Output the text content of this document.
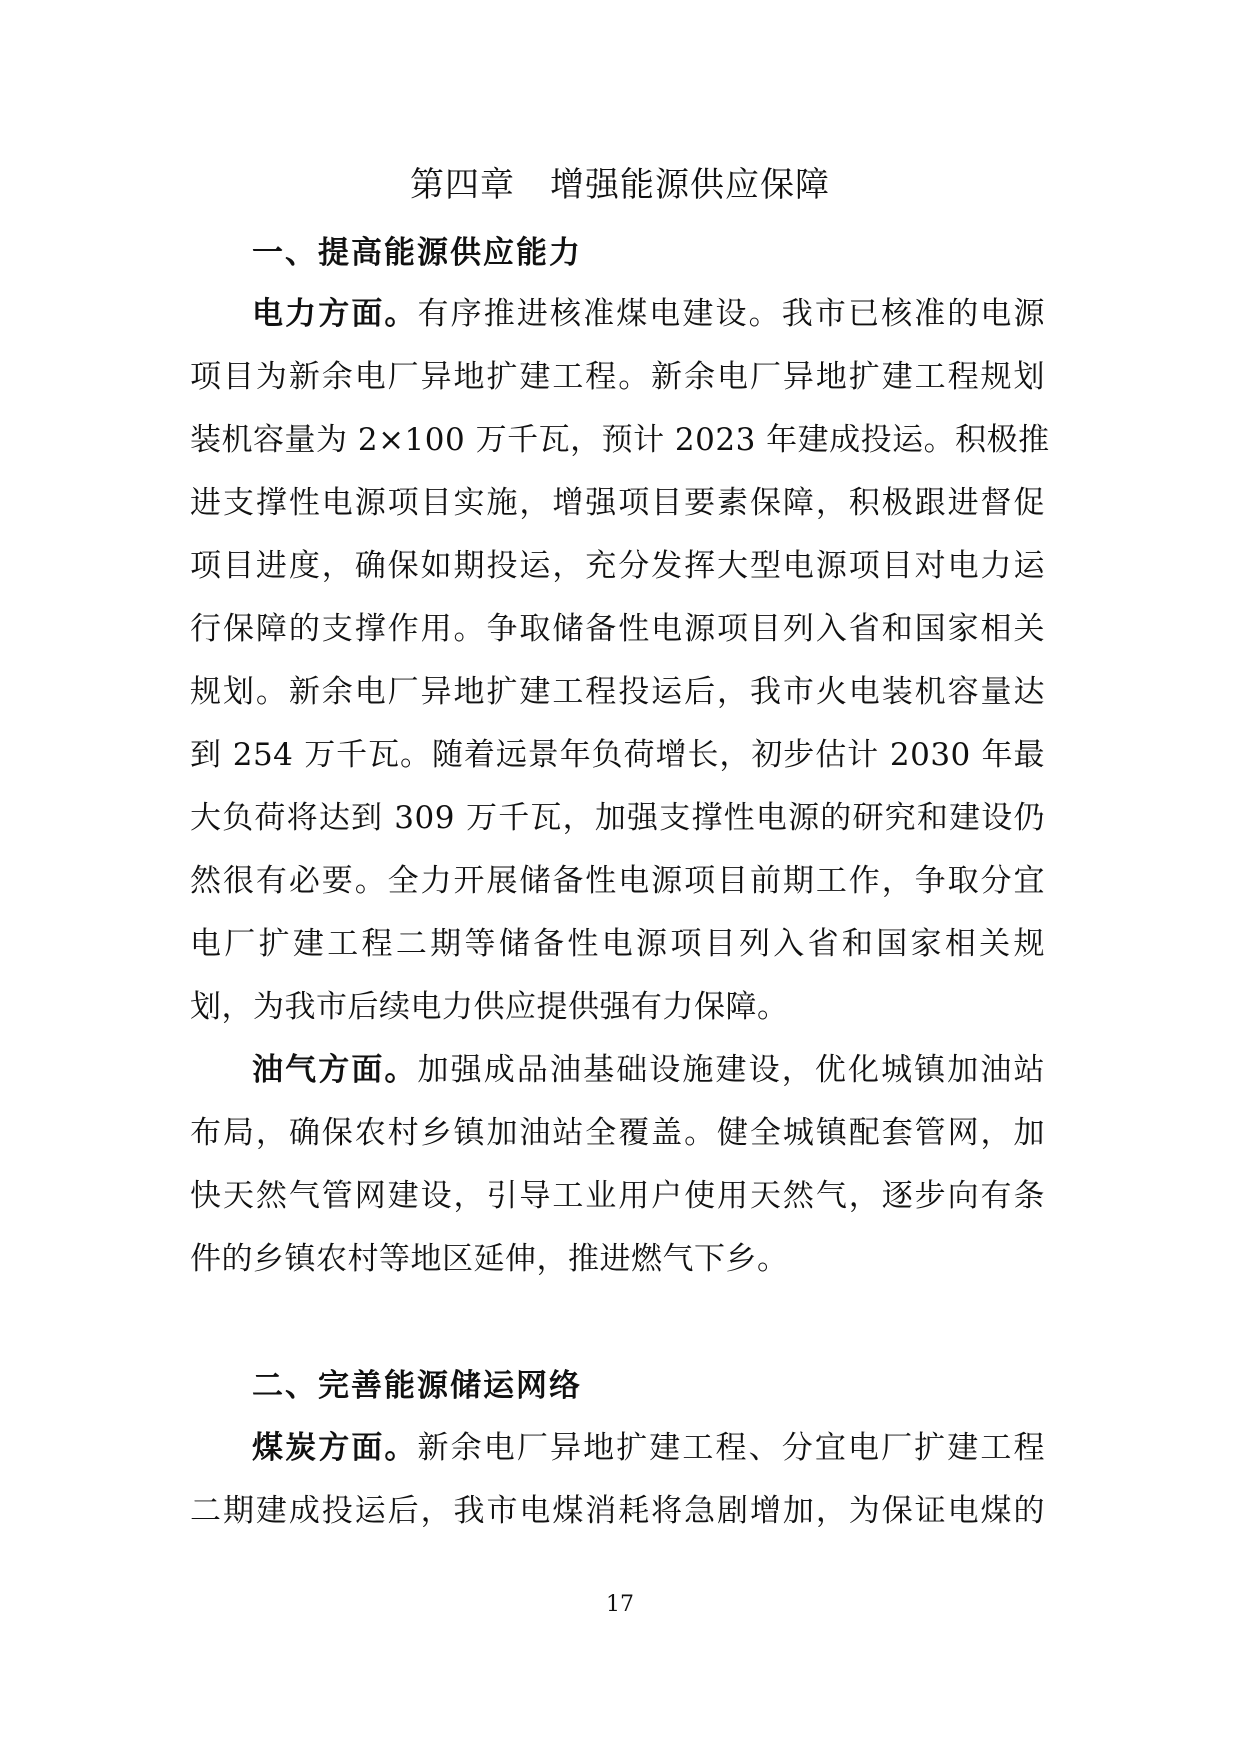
第四章　增强能源供应保障
一、提高能源供应能力
电力方面。有序推进核准煤电建设。我市已核准的电源
项目为新余电厂异地扩建工程。新余电厂异地扩建工程规划
装机容量为 2×100 万千瓦，预计 2023 年建成投运。积极推
进支撑性电源项目实施，增强项目要素保障，积极跟进督促
项目进度，确保如期投运，充分发挥大型电源项目对电力运
行保障的支撑作用。争取储备性电源项目列入省和国家相关
规划。新余电厂异地扩建工程投运后，我市火电装机容量达
到 254 万千瓦。随着远景年负荷增长，初步估计 2030 年最
大负荷将达到 309 万千瓦，加强支撑性电源的研究和建设仍
然很有必要。全力开展储备性电源项目前期工作，争取分宜
电厂扩建工程二期等储备性电源项目列入省和国家相关规
划，为我市后续电力供应提供强有力保障。
油气方面。加强成品油基础设施建设，优化城镇加油站
布局，确保农村乡镇加油站全覆盖。健全城镇配套管网，加
快天然气管网建设，引导工业用户使用天然气，逐步向有条
件的乡镇农村等地区延伸，推进燃气下乡。
二、完善能源储运网络
煤炭方面。新余电厂异地扩建工程、分宜电厂扩建工程
二期建成投运后，我市电煤消耗将急剧增加，为保证电煤的

17
